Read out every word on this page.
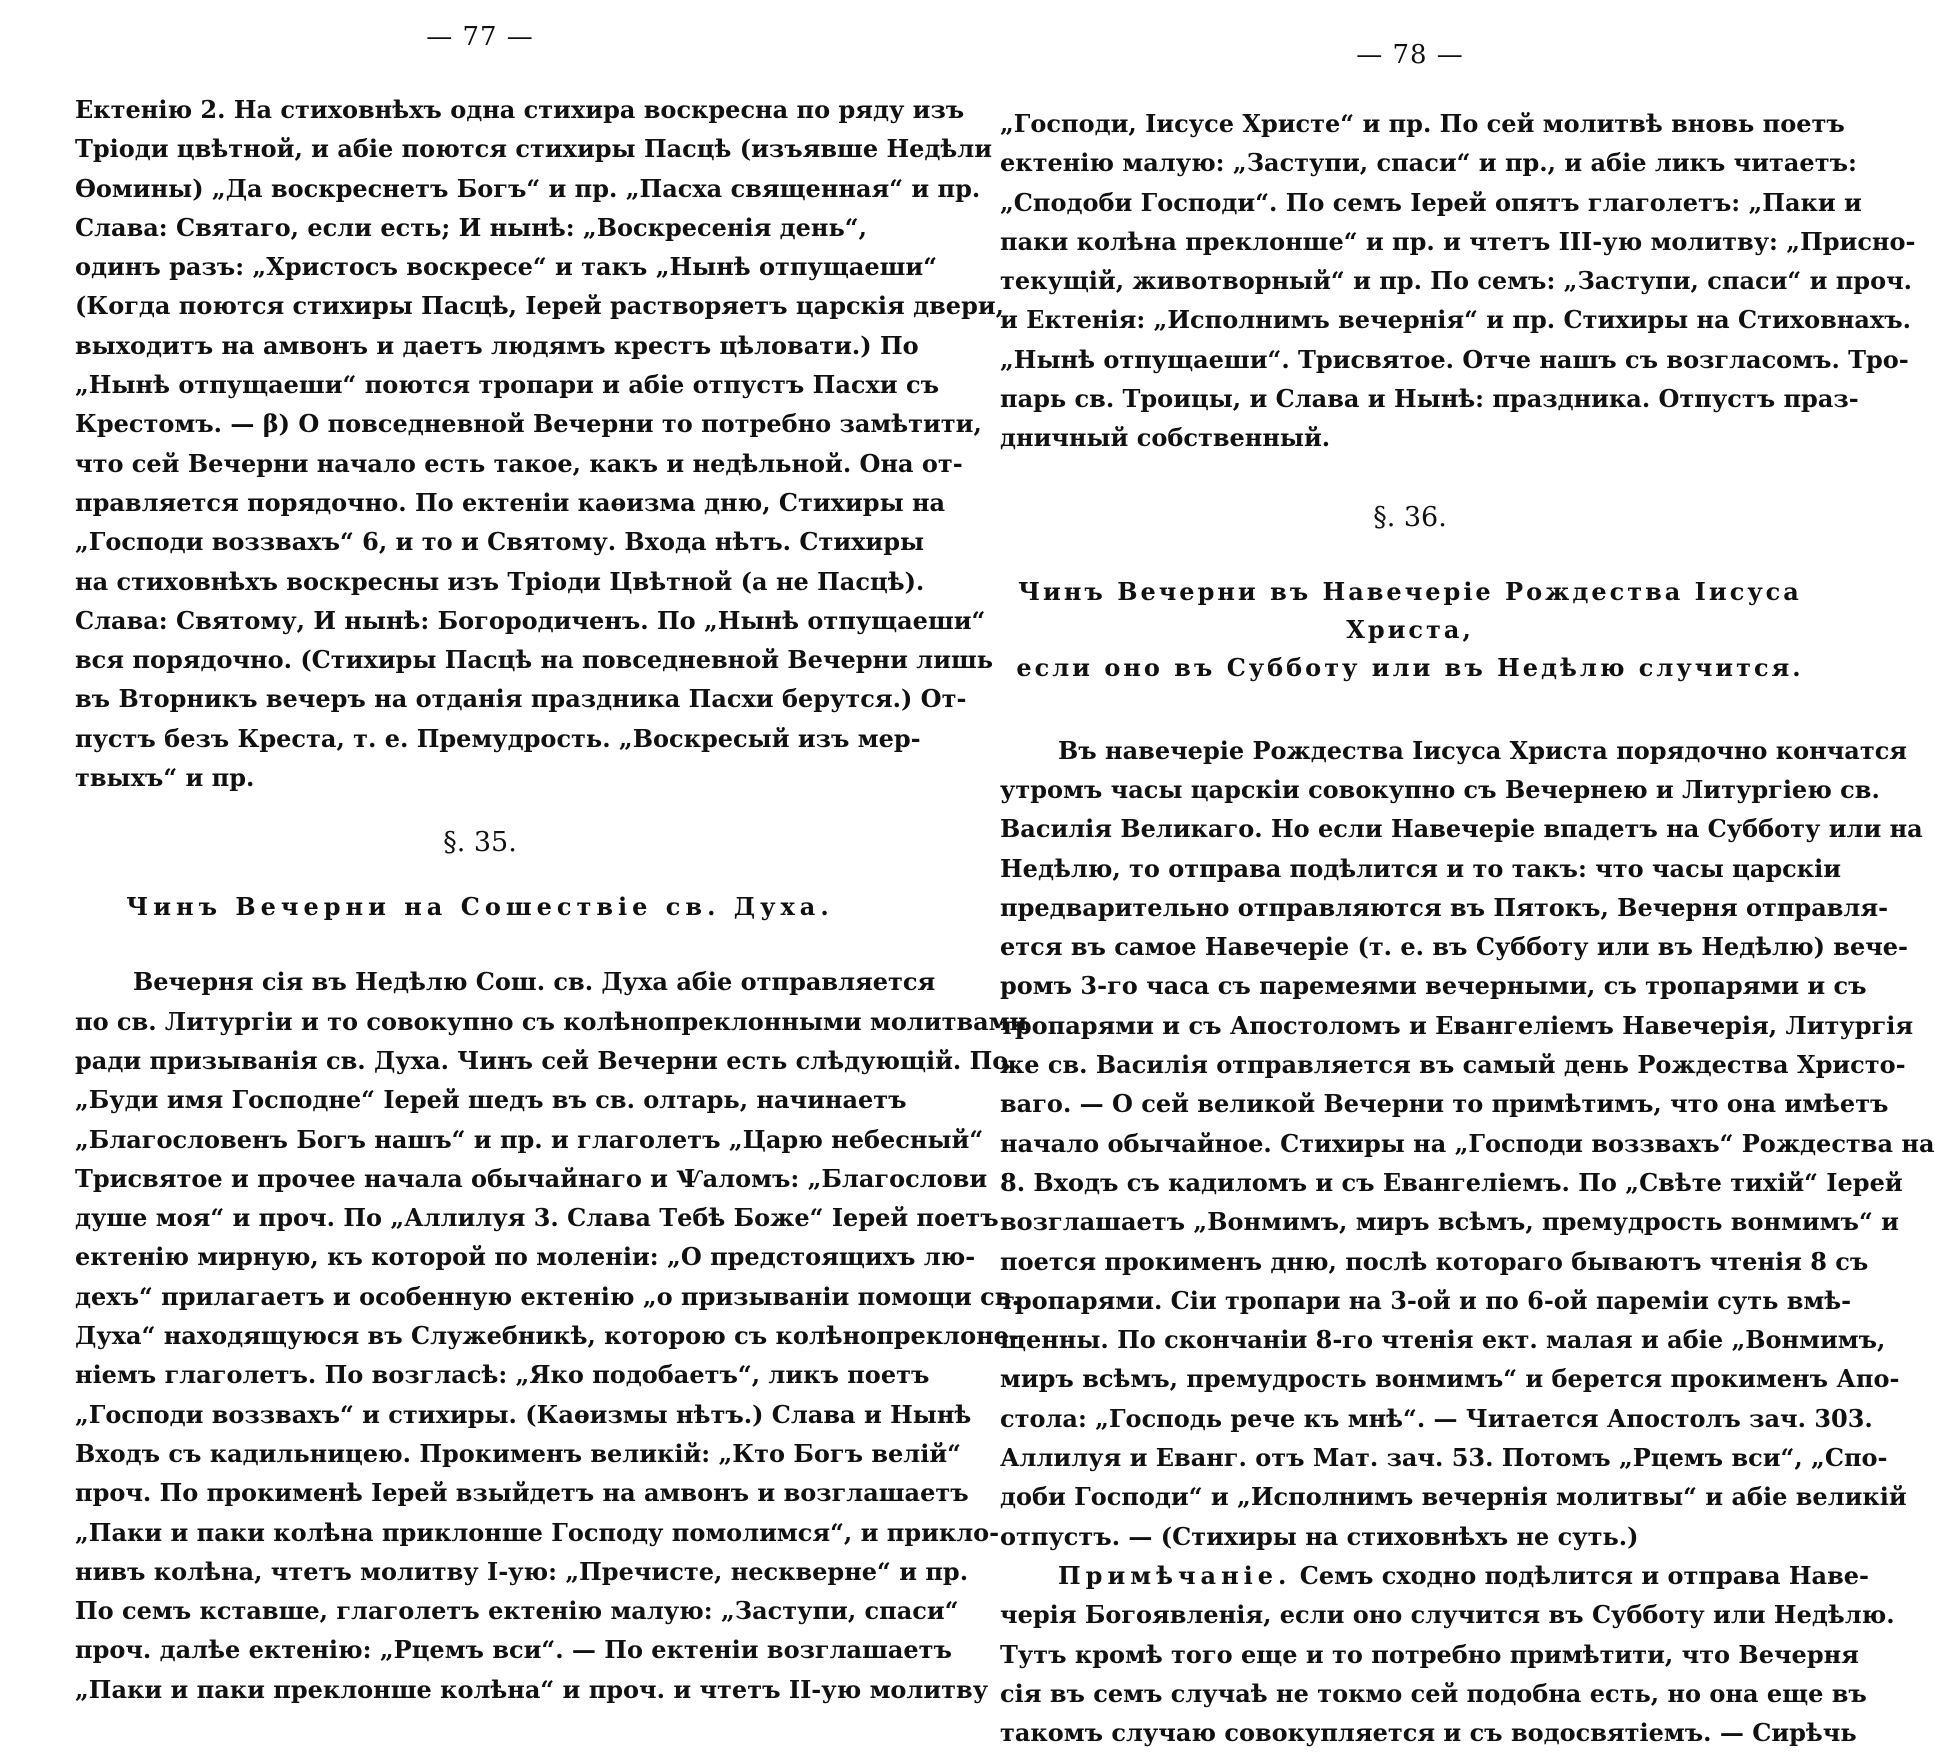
— 77 —
Ектенію 2. На стиховнѣхъ одна стихира воскресна по ряду изъ
Тріоди цвѣтной, и абіе поются стихиры Пасцѣ (изъявше Недѣли
Ѳомины) „Да воскреснетъ Богъ“ и пр. „Пасха священная“ и пр.
Слава: Святаго, если есть; И нынѣ: „Воскресенія день“,
одинъ разъ: „Христосъ воскресе“ и такъ „Нынѣ отпущаеши“
(Когда поются стихиры Пасцѣ, Іерей растворяетъ царскія двери,
выходитъ на амвонъ и даетъ людямъ крестъ цѣловати.) По
„Нынѣ отпущаеши“ поются тропари и абіе отпустъ Пасхи съ
Крестомъ. — β) О повседневной Вечерни то потребно замѣтити,
что сей Вечерни начало есть такое, какъ и недѣльной. Она от-
правляется порядочно. По ектеніи каѳизма дню, Стихиры на
„Господи воззвахъ“ 6, и то и Святому. Входа нѣтъ. Стихиры
на стиховнѣхъ воскресны изъ Тріоди Цвѣтной (а не Пасцѣ).
Слава: Святому, И нынѣ: Богородиченъ. По „Нынѣ отпущаеши“
вся порядочно. (Стихиры Пасцѣ на повседневной Вечерни лишь
въ Вторникъ вечеръ на отданія праздника Пасхи берутся.) От-
пустъ безъ Креста, т. е. Премудрость. „Воскресый изъ мер-
твыхъ“ и пр.
§. 35.
Чинъ Вечерни на Сошествіе св. Духа.
Вечерня сія въ Недѣлю Сош. св. Духа абіе отправляется
по св. Литургіи и то совокупно съ колѣнопреклонными молитвами
ради призыванія св. Духа. Чинъ сей Вечерни есть слѣдующій. По
„Буди имя Господне“ Іерей шедъ въ св. олтарь, начинаетъ
„Благословенъ Богъ нашъ“ и пр. и глаголетъ „Царю небесный“
Трисвятое и прочее начала обычайнаго и Ѱаломъ: „Благослови
душе моя“ и проч. По „Аллилуя 3. Слава Тебѣ Боже“ Іерей поетъ
ектенію мирную, къ которой по моленіи: „О предстоящихъ лю-
дехъ“ прилагаетъ и особенную ектенію „о призываніи помощи св.
Духа“ находящуюся въ Служебникѣ, которою съ колѣнопреклоне-
ніемъ глаголетъ. По возгласѣ: „Яко подобаетъ“, ликъ поетъ
„Господи воззвахъ“ и стихиры. (Каѳизмы нѣтъ.) Слава и Нынѣ
Входъ съ кадильницею. Прокименъ великій: „Кто Богъ велій“
проч. По прокименѣ Іерей взыйдетъ на амвонъ и возглашаетъ
„Паки и паки колѣна приклонше Господу помолимся“, и прикло-
нивъ колѣна, чтетъ молитву І-ую: „Пречисте, нескверне“ и пр.
По семъ кставше, глаголетъ ектенію малую: „Заступи, спаси“
проч. далѣе ектенію: „Рцемъ вси“. — По ектеніи возглашаетъ
„Паки и паки преклонше колѣна“ и проч. и чтетъ ІІ-ую молитву
— 78 —
„Господи, Іисусе Христе“ и пр. По сей молитвѣ вновь поетъ
ектенію малую: „Заступи, спаси“ и пр., и абіе ликъ читаетъ:
„Сподоби Господи“. По семъ Іерей опятъ глаголетъ: „Паки и
паки колѣна преклонше“ и пр. и чтетъ ІІІ-ую молитву: „Присно-
текущій, животворный“ и пр. По семъ: „Заступи, спаси“ и проч.
и Ектенія: „Исполнимъ вечернія“ и пр. Стихиры на Стиховнахъ.
„Нынѣ отпущаеши“. Трисвятое. Отче нашъ съ возгласомъ. Тро-
парь св. Троицы, и Слава и Нынѣ: праздника. Отпустъ праз-
дничный собственный.
§. 36.
Чинъ Вечерни въ Навечеріе Рождества Іисуса Христа,
если оно въ Субботу или въ Недѣлю случится.
Въ навечеріе Рождества Іисуса Христа порядочно кончатся
утромъ часы царскіи совокупно съ Вечернею и Литургіею св.
Василія Великаго. Но если Навечеріе впадетъ на Субботу или на
Недѣлю, то отправа подѣлится и то такъ: что часы царскіи
предварительно отправляются въ Пятокъ, Вечерня отправля-
ется въ самое Навечеріе (т. е. въ Субботу или въ Недѣлю) вече-
ромъ 3-го часа съ паремеями вечерными, съ тропарями и съ
тропарями и съ Апостоломъ и Евангеліемъ Навечерія, Литургія
же св. Василія отправляется въ самый день Рождества Христо-
ваго. — О сей великой Вечерни то примѣтимъ, что она имѣетъ
начало обычайное. Стихиры на „Господи воззвахъ“ Рождества на
8. Входъ съ кадиломъ и съ Евангеліемъ. По „Свѣте тихій“ Іерей
возглашаетъ „Вонмимъ, миръ всѣмъ, премудрость вонмимъ“ и
поется прокименъ дню, послѣ котораго бываютъ чтенія 8 съ
тропарями. Сіи тропари на 3-ой и по 6-ой пареміи суть вмѣ-
щенны. По скончаніи 8-го чтенія ект. малая и абіе „Вонмимъ,
миръ всѣмъ, премудрость вонмимъ“ и берется прокименъ Апо-
стола: „Господь рече къ мнѣ“. — Читается Апостолъ зач. 303.
Аллилуя и Еванг. отъ Мат. зач. 53. Потомъ „Рцемъ вси“, „Спо-
доби Господи“ и „Исполнимъ вечернія молитвы“ и абіе великій
отпустъ. — (Стихиры на стиховнѣхъ не суть.)
Примѣчаніе. Семъ сходно подѣлится и отправа Наве-
черія Богоявленія, если оно случится въ Субботу или Недѣлю.
Тутъ кромѣ того еще и то потребно примѣтити, что Вечерня
сія въ семъ случаѣ не токмо сей подобна есть, но она еще въ
такомъ случаю совокупляется и съ водосвятіемъ. — Сирѣчь
